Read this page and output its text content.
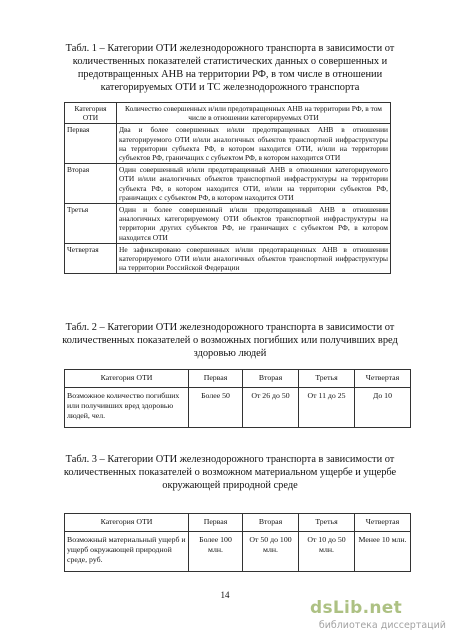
Табл. 1 – Категории ОТИ железнодорожного транспорта в зависимости от количественных показателей статистических данных о совершенных и предотвращенных АНВ на территории РФ, в том числе в отношении категорируемых ОТИ и ТС железнодорожного транспорта
Категория ОТИ	Количество совершенных и/или предотвращенных АНВ на территории РФ, в том числе в отношении категорируемых ОТИ
Первая	Два и более совершенных и/или предотвращенных АНВ в отношении категорируемого ОТИ и/или аналогичных объектов транспортной инфраструктуры на территории субъекта РФ, в котором находится ОТИ, и/или на территории субъектов РФ, граничащих с субъектом РФ, в котором находится ОТИ
Вторая	Один совершенный и/или предотвращенный АНВ в отношении категорируемого ОТИ и/или аналогичных объектов транспортной инфраструктуры на территории субъекта РФ, в котором находится ОТИ, и/или на территории субъектов РФ, граничащих с субъектом РФ, в котором находится ОТИ
Третья	Один и более совершенный и/или предотвращенный АНВ в отношении аналогичных категорируемому ОТИ объектов транспортной инфраструктуры на территории других субъектов РФ, не граничащих с субъектом РФ, в котором находится ОТИ
Четвертая	Не зафиксировано совершенных и/или предотвращенных АНВ в отношении категорируемого ОТИ и/или аналогичных объектов транспортной инфраструктуры на территории Российской Федерации
Табл. 2 – Категории ОТИ железнодорожного транспорта в зависимости от количественных показателей о возможных погибших или получивших вред здоровью людей
Категория ОТИ	Первая	Вторая	Третья	Четвертая
Возможное количество погибших или получивших вред здоровью людей, чел.	Более 50	От 26 до 50	От 11 до 25	До 10
Табл. 3 – Категории ОТИ железнодорожного транспорта в зависимости от количественных показателей о возможном материальном ущербе и ущербе окружающей природной среде
Категория ОТИ	Первая	Вторая	Третья	Четвертая
Возможный материальный ущерб и ущерб окружающей природной среде, руб.	Более 100 млн.	От 50 до 100 млн.	От 10 до 50 млн.	Менее 10 млн.
14
dsLib.net
библиотека диссертаций
